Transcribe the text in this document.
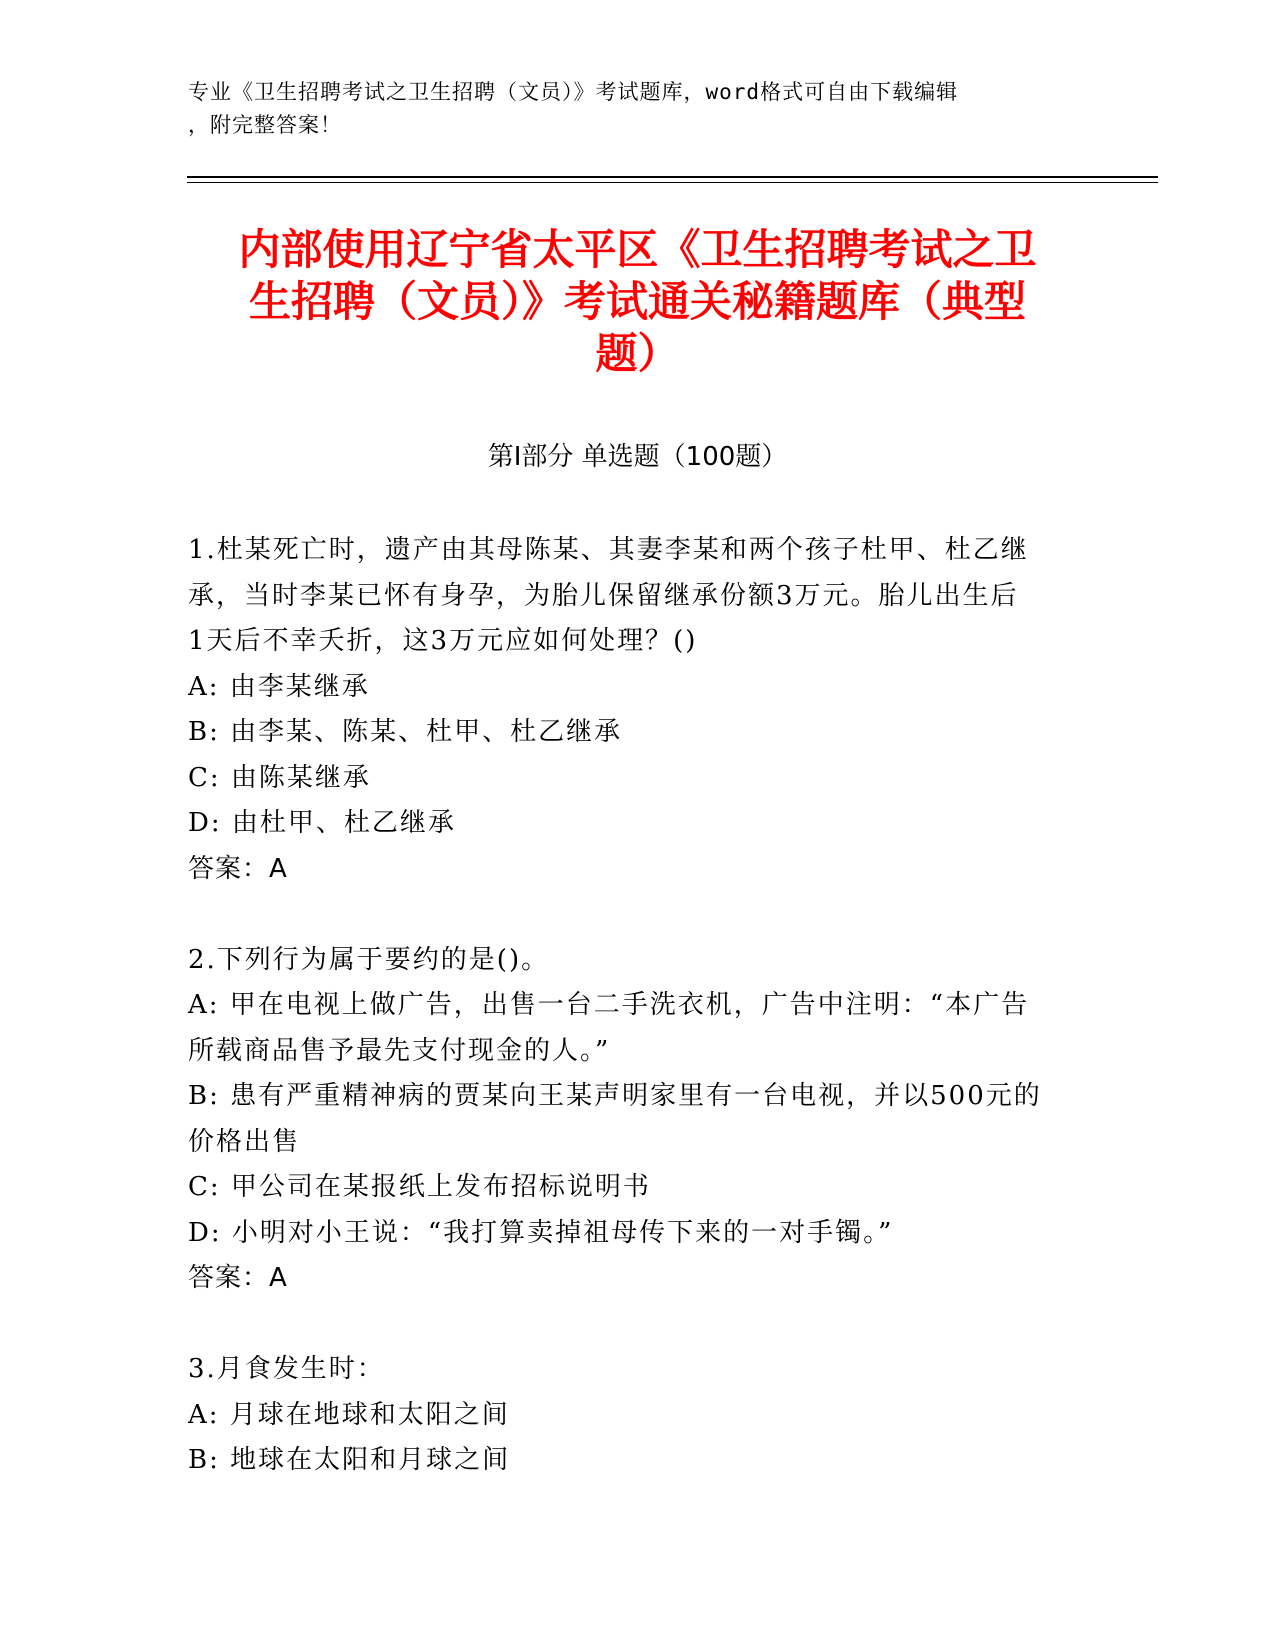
专业《卫生招聘考试之卫生招聘（文员）》考试题库，word格式可自由下载编辑
，附完整答案！
内部使用辽宁省太平区《卫生招聘考试之卫
生招聘（文员）》考试通关秘籍题库（典型
题）
第Ⅰ部分 单选题（100题）
1.杜某死亡时，遗产由其母陈某、其妻李某和两个孩子杜甲、杜乙继
承，当时李某已怀有身孕，为胎儿保留继承份额3万元。胎儿出生后
1天后不幸夭折，这3万元应如何处理？()
A: 由李某继承
B: 由李某、陈某、杜甲、杜乙继承
C: 由陈某继承
D: 由杜甲、杜乙继承
答案：A
2.下列行为属于要约的是()。
A: 甲在电视上做广告，出售一台二手洗衣机，广告中注明：“本广告
所载商品售予最先支付现金的人。”
B: 患有严重精神病的贾某向王某声明家里有一台电视，并以500元的
价格出售
C: 甲公司在某报纸上发布招标说明书
D: 小明对小王说：“我打算卖掉祖母传下来的一对手镯。”
答案：A
3.月食发生时：
A: 月球在地球和太阳之间
B: 地球在太阳和月球之间
